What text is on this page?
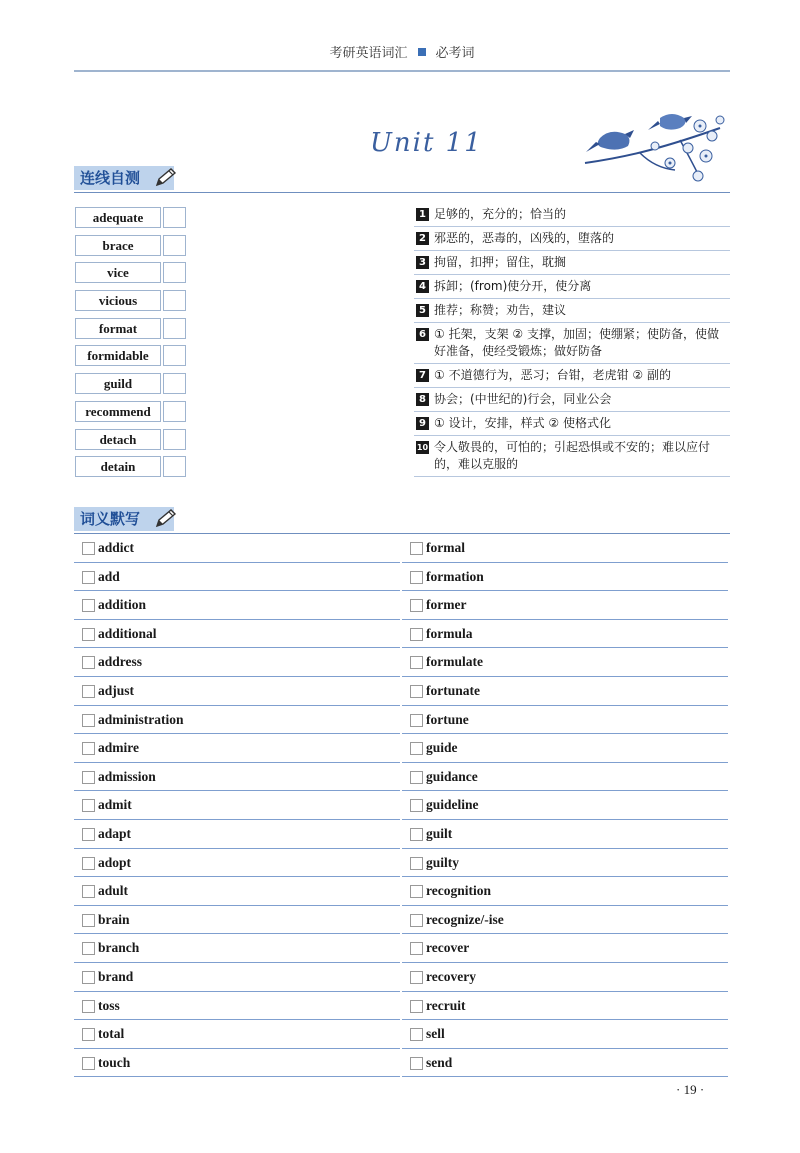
考研英语词汇 必考词
Unit 11
连线自测
adequate
brace
vice
vicious
format
formidable
guild
recommend
detach
detain
1 足够的，充分的；恰当的
2 邪恶的，恶毒的，凶残的，堕落的
3 拘留，扣押；留住，耽搁
4 拆卸；(from)使分开，使分离
5 推荐；称赞；劝告，建议
6 ① 托架，支架 ② 支撑，加固；使绷紧；使防备，使做好准备，使经受锻炼；做好防备
7 ① 不道德行为，恶习；台钳，老虎钳 ② 副的
8 协会；(中世纪的)行会，同业公会
9 ① 设计，安排，样式 ② 使格式化
10 令人敬畏的，可怕的；引起恐惧或不安的；难以应付的，难以克服的
词义默写
addict
add
addition
additional
address
adjust
administration
admire
admission
admit
adapt
adopt
adult
brain
branch
brand
toss
total
touch
formal
formation
former
formula
formulate
fortunate
fortune
guide
guidance
guideline
guilt
guilty
recognition
recognize/-ise
recover
recovery
recruit
sell
send
· 19 ·
